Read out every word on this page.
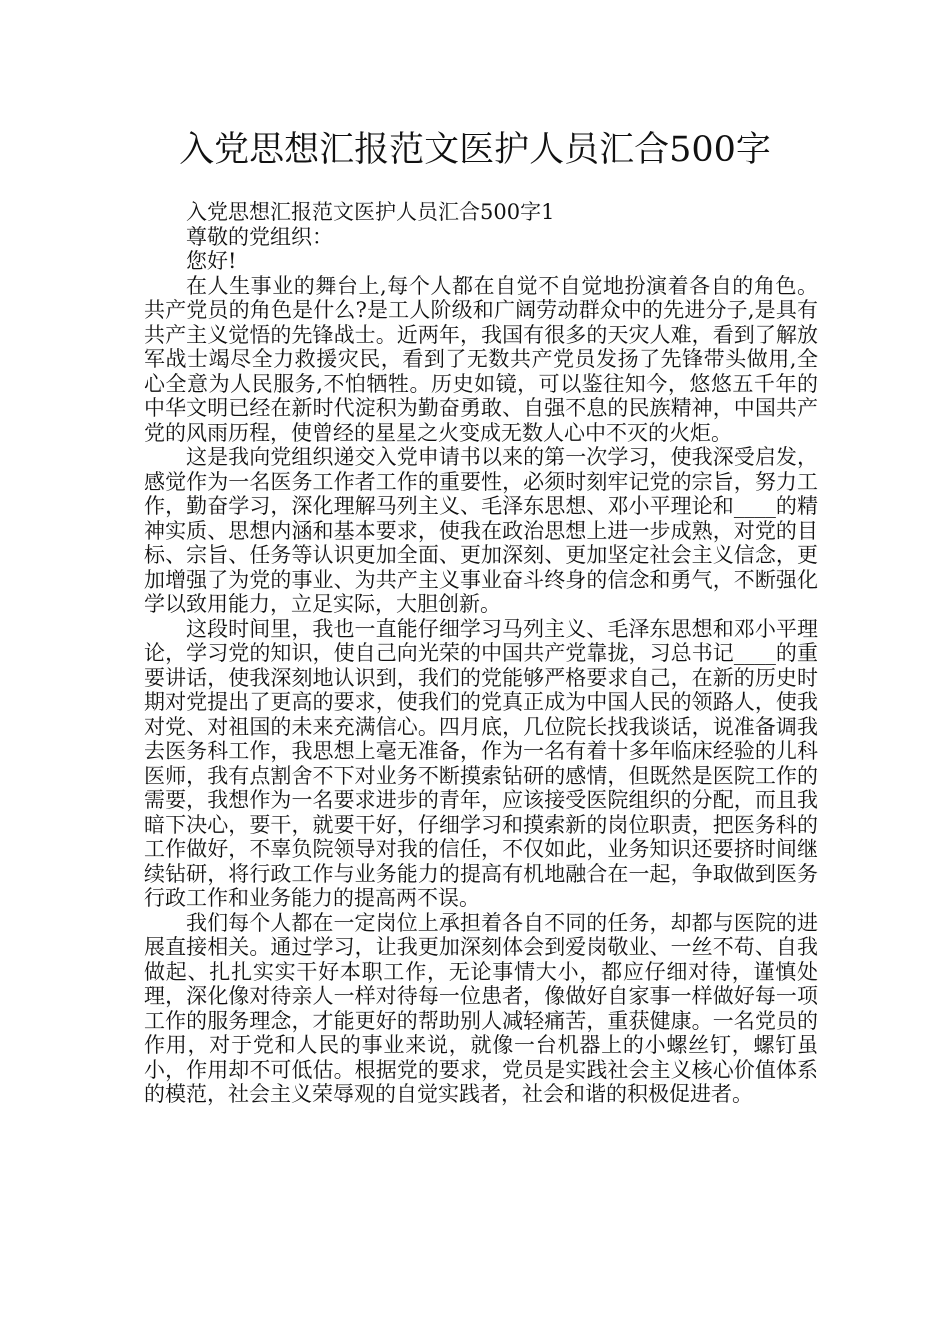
入党思想汇报范文医护人员汇合500字

入党思想汇报范文医护人员汇合500字1

尊敬的党组织：

您好!

在人生事业的舞台上,每个人都在自觉不自觉地扮演着各自的角色。共产党员的角色是什么?是工人阶级和广阔劳动群众中的先进分子,是具有共产主义觉悟的先锋战士。近两年，我国有很多的天灾人难，看到了解放军战士竭尽全力救援灾民，看到了无数共产党员发扬了先锋带头做用,全心全意为人民服务,不怕牺牲。历史如镜，可以鉴往知今，悠悠五千年的中华文明已经在新时代淀积为勤奋勇敢、自强不息的民族精神，中国共产党的风雨历程，使曾经的星星之火变成无数人心中不灭的火炬。

这是我向党组织递交入党申请书以来的第一次学习，使我深受启发，感觉作为一名医务工作者工作的重要性，必须时刻牢记党的宗旨，努力工作，勤奋学习，深化理解马列主义、毛泽东思想、邓小平理论和____的精神实质、思想内涵和基本要求，使我在政治思想上进一步成熟，对党的目标、宗旨、任务等认识更加全面、更加深刻、更加坚定社会主义信念，更加增强了为党的事业、为共产主义事业奋斗终身的信念和勇气，不断强化学以致用能力，立足实际，大胆创新。

这段时间里，我也一直能仔细学习马列主义、毛泽东思想和邓小平理论，学习党的知识，使自己向光荣的中国共产党靠拢，习总书记____的重要讲话，使我深刻地认识到，我们的党能够严格要求自己，在新的历史时期对党提出了更高的要求，使我们的党真正成为中国人民的领路人，使我对党、对祖国的未来充满信心。四月底，几位院长找我谈话，说准备调我去医务科工作，我思想上毫无准备，作为一名有着十多年临床经验的儿科医师，我有点割舍不下对业务不断摸索钻研的感情，但既然是医院工作的需要，我想作为一名要求进步的青年，应该接受医院组织的分配，而且我暗下决心，要干，就要干好，仔细学习和摸索新的岗位职责，把医务科的工作做好，不辜负院领导对我的信任，不仅如此，业务知识还要挤时间继续钻研，将行政工作与业务能力的提高有机地融合在一起，争取做到医务行政工作和业务能力的提高两不误。

我们每个人都在一定岗位上承担着各自不同的任务，却都与医院的进展直接相关。通过学习，让我更加深刻体会到爱岗敬业、一丝不苟、自我做起、扎扎实实干好本职工作，无论事情大小，都应仔细对待，谨慎处理，深化像对待亲人一样对待每一位患者，像做好自家事一样做好每一项工作的服务理念，才能更好的帮助别人减轻痛苦，重获健康。一名党员的作用，对于党和人民的事业来说，就像一台机器上的小螺丝钉，螺钉虽小，作用却不可低估。根据党的要求，党员是实践社会主义核心价值体系的模范，社会主义荣辱观的自觉实践者，社会和谐的积极促进者。
